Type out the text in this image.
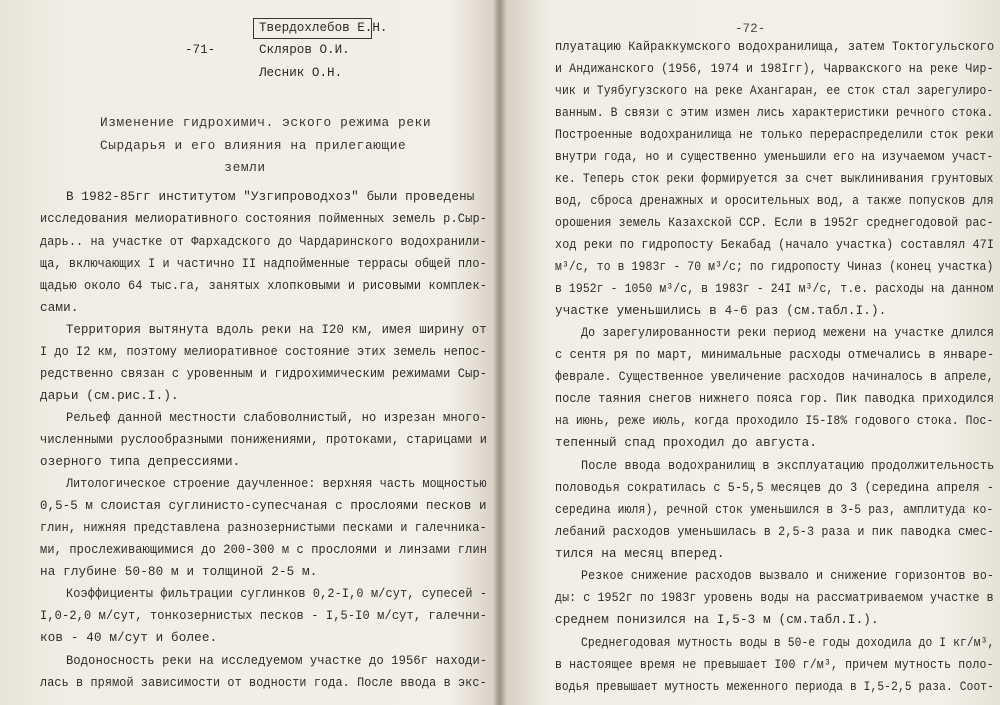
-71-
Твердохлебов Е.Н.
Скляров О.И.
Лесник О.Н.
Изменение гидрохимич. эского режима реки
Сырдарья и его влияния на прилегающие
земли
В 1982-85гг институтом "Узгипроводхоз" были проведены
исследования мелиоративного состояния пойменных земель р.Сыр-
дарь.. на участке от Фархадского до Чардаринского водохранили-
ща, включающих I и частично II надпойменные террасы общей пло-
щадью около 64 тыс.га, занятых хлопковыми и рисовыми комплек-
сами.
Территория вытянута вдоль реки на I20 км, имея ширину от
I до I2 км, поэтому мелиоративное состояние этих земель непос-
редственно связан с уровенным и гидрохимическим режимами Сыр-
дарьи (см.рис.I.).
Рельеф данной местности слабоволнистый, но изрезан много-
численными руслообразными понижениями, протоками, старицами и
озерного типа депрессиями.
Литологическое строение даучленное: верхняя часть мощностью
0,5-5 м слоистая суглинисто-супесчаная с прослоями песков и
глин, нижняя представлена разнозернистыми песками и галечника-
ми, прослеживающимися до 200-300 м с прослоями и линзами глин
на глубине 50-80 м и толщиной 2-5 м.
Коэффициенты фильтрации суглинков 0,2-I,0 м/сут, супесей -
I,0-2,0 м/сут, тонкозернистых песков - I,5-I0 м/сут, галечни-
ков - 40 м/сут и более.
Водоносность реки на исследуемом участке до 1956г находи-
лась в прямой зависимости от водности года. После ввода в экс-
-72-
плуатацию Кайраккумского водохранилища, затем Токтогульского
и Андижанского (1956, 1974 и 198Iгг), Чарвакского на реке Чир-
чик и Туябугузского на реке Ахангаран, ее сток стал зарегулиро-
ванным. В связи с этим измен лись характеристики речного стока.
Построенные водохранилища не только перераспределили сток реки
внутри года, но и существенно уменьшили его на изучаемом участ-
ке. Теперь сток реки формируется за счет выклинивания грунтовых
вод, сброса дренажных и оросительных вод, а также попусков для
орошения земель Казахской ССР. Если в 1952г среднегодовой рас-
ход реки по гидропосту Бекабад (начало участка) составлял 47I
м³/с, то в 1983г - 70 м³/с; по гидропосту Чиназ (конец участка)
в 1952г - 1050 м³/с, в 1983г - 24I м³/с, т.е. расходы на данном
участке уменьшились в 4-6 раз (см.табл.I.).
До зарегулированности реки период межени на участке длился
с сентя ря по март, минимальные расходы отмечались в январе-
феврале. Существенное увеличение расходов начиналось в апреле,
после таяния снегов нижнего пояса гор. Пик паводка приходился
на июнь, реже июль, когда проходило I5-I8% годового стока. Пос-
тепенный спад проходил до августа.
После ввода водохранилищ в эксплуатацию продолжительность
половодья сократилась с 5-5,5 месяцев до 3 (середина апреля -
середина июля), речной сток уменьшился в 3-5 раз, амплитуда ко-
лебаний расходов уменьшилась в 2,5-3 раза и пик паводка смес-
тился на месяц вперед.
Резкое снижение расходов вызвало и снижение горизонтов во-
ды: с 1952г по 1983г уровень воды на рассматриваемом участке в
среднем понизился на I,5-3 м (см.табл.I.).
Среднегодовая мутность воды в 50-е годы доходила до I кг/м³,
в настоящее время не превышает I00 г/м³, причем мутность поло-
водья превышает мутность меженного периода в I,5-2,5 раза. Соот-
